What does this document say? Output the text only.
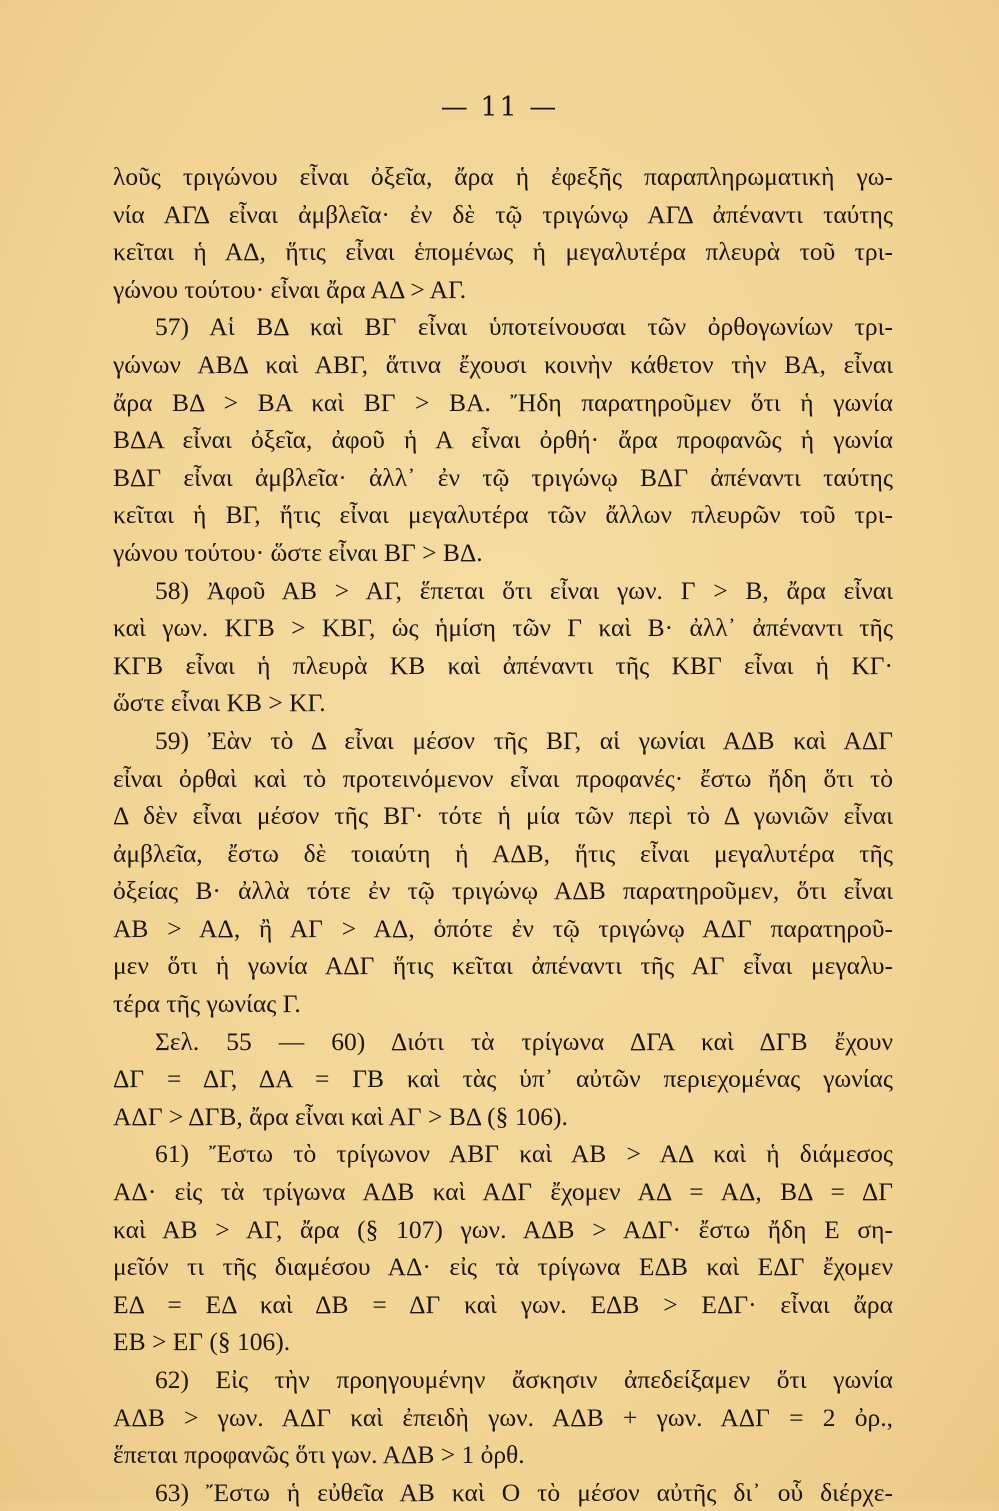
— 11 —
λοῦς τριγώνου εἶναι ὀξεῖα, ἄρα ἡ ἐφεξῆς παραπληρωματικὴ γω-
νία ΑΓΔ εἶναι ἀμβλεῖα· ἐν δὲ τῷ τριγώνῳ ΑΓΔ ἀπέναντι ταύτης
κεῖται ἡ ΑΔ, ἥτις εἶναι ἑπομένως ἡ μεγαλυτέρα πλευρὰ τοῦ τρι-
γώνου τούτου· εἶναι ἄρα ΑΔ > ΑΓ.
57) Αἱ ΒΔ καὶ ΒΓ εἶναι ὑποτείνουσαι τῶν ὀρθογωνίων τρι-
γώνων ΑΒΔ καὶ ΑΒΓ, ἅτινα ἔχουσι κοινὴν κάθετον τὴν ΒΑ, εἶναι
ἄρα ΒΔ > ΒΑ καὶ ΒΓ > ΒΑ. Ἤδη παρατηροῦμεν ὅτι ἡ γωνία
ΒΔΑ εἶναι ὀξεῖα, ἀφοῦ ἡ Α εἶναι ὀρθή· ἄρα προφανῶς ἡ γωνία
ΒΔΓ εἶναι ἀμβλεῖα· ἀλλ᾽ ἐν τῷ τριγώνῳ ΒΔΓ ἀπέναντι ταύτης
κεῖται ἡ ΒΓ, ἥτις εἶναι μεγαλυτέρα τῶν ἄλλων πλευρῶν τοῦ τρι-
γώνου τούτου· ὥστε εἶναι ΒΓ > ΒΔ.
58) Ἀφοῦ ΑΒ > ΑΓ, ἕπεται ὅτι εἶναι γων. Γ > Β, ἄρα εἶναι
καὶ γων. ΚΓΒ > ΚΒΓ, ὡς ἡμίση τῶν Γ καὶ Β· ἀλλ᾽ ἀπέναντι τῆς
ΚΓΒ εἶναι ἡ πλευρὰ ΚΒ καὶ ἀπέναντι τῆς ΚΒΓ εἶναι ἡ ΚΓ·
ὥστε εἶναι ΚΒ > ΚΓ.
59) Ἐὰν τὸ Δ εἶναι μέσον τῆς ΒΓ, αἱ γωνίαι ΑΔΒ καὶ ΑΔΓ
εἶναι ὀρθαὶ καὶ τὸ προτεινόμενον εἶναι προφανές· ἔστω ἤδη ὅτι τὸ
Δ δὲν εἶναι μέσον τῆς ΒΓ· τότε ἡ μία τῶν περὶ τὸ Δ γωνιῶν εἶναι
ἀμβλεῖα, ἔστω δὲ τοιαύτη ἡ ΑΔΒ, ἥτις εἶναι μεγαλυτέρα τῆς
ὀξείας Β· ἀλλὰ τότε ἐν τῷ τριγώνῳ ΑΔΒ παρατηροῦμεν, ὅτι εἶναι
ΑΒ > ΑΔ, ἢ ΑΓ > ΑΔ, ὁπότε ἐν τῷ τριγώνῳ ΑΔΓ παρατηροῦ-
μεν ὅτι ἡ γωνία ΑΔΓ ἥτις κεῖται ἀπέναντι τῆς ΑΓ εἶναι μεγαλυ-
τέρα τῆς γωνίας Γ.
Σελ. 55 — 60) Διότι τὰ τρίγωνα ΔΓΑ καὶ ΔΓΒ ἔχουν
ΔΓ = ΔΓ, ΔΑ = ΓΒ καὶ τὰς ὑπ᾽ αὐτῶν περιεχομένας γωνίας
ΑΔΓ > ΔΓΒ, ἄρα εἶναι καὶ ΑΓ > ΒΔ (§ 106).
61) Ἔστω τὸ τρίγωνον ΑΒΓ καὶ ΑΒ > ΑΔ καὶ ἡ διάμεσος
ΑΔ· εἰς τὰ τρίγωνα ΑΔΒ καὶ ΑΔΓ ἔχομεν ΑΔ = ΑΔ, ΒΔ = ΔΓ
καὶ ΑΒ > ΑΓ, ἄρα (§ 107) γων. ΑΔΒ > ΑΔΓ· ἔστω ἤδη Ε ση-
μεῖόν τι τῆς διαμέσου ΑΔ· εἰς τὰ τρίγωνα ΕΔΒ καὶ ΕΔΓ ἔχομεν
ΕΔ = ΕΔ καὶ ΔΒ = ΔΓ καὶ γων. ΕΔΒ > ΕΔΓ· εἶναι ἄρα
ΕΒ > ΕΓ (§ 106).
62) Εἰς τὴν προηγουμένην ἄσκησιν ἀπεδείξαμεν ὅτι γωνία
ΑΔΒ > γων. ΑΔΓ καὶ ἐπειδὴ γων. ΑΔΒ + γων. ΑΔΓ = 2 ὀρ.,
ἕπεται προφανῶς ὅτι γων. ΑΔΒ > 1 ὀρθ.
63) Ἔστω ἡ εὐθεῖα ΑΒ καὶ Ο τὸ μέσον αὐτῆς δι᾽ οὗ διέρχε-
